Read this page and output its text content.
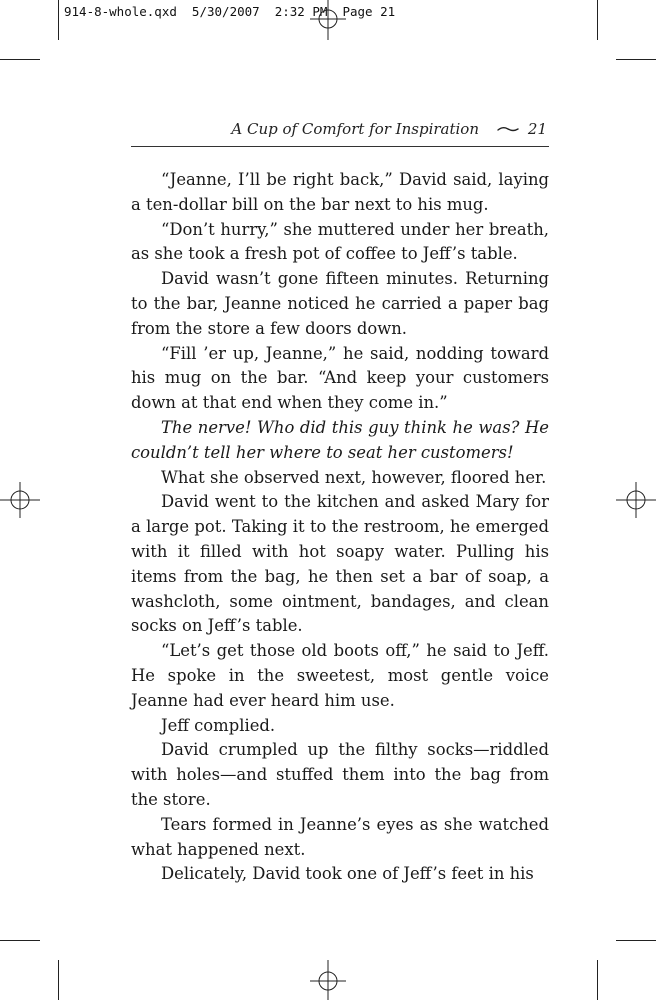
914-8-whole.qxd  5/30/2007  2:32 PM  Page 21
A Cup of Comfort for Inspiration	21

“Jeanne, I’ll be right back,” David said, laying a ten-dollar bill on the bar next to his mug.

“Don’t hurry,” she muttered under her breath, as she took a fresh pot of coffee to Jeff’s table.

David wasn’t gone fifteen minutes. Returning to the bar, Jeanne noticed he carried a paper bag from the store a few doors down.

“Fill ’er up, Jeanne,” he said, nodding toward his mug on the bar. “And keep your customers down at that end when they come in.”

The nerve! Who did this guy think he was? He couldn’t tell her where to seat her customers!

What she observed next, however, floored her.

David went to the kitchen and asked Mary for a large pot. Taking it to the restroom, he emerged with it filled with hot soapy water. Pulling his items from the bag, he then set a bar of soap, a washcloth, some ointment, bandages, and clean socks on Jeff’s table.

“Let’s get those old boots off,” he said to Jeff. He spoke in the sweetest, most gentle voice Jeanne had ever heard him use.

Jeff complied.

David crumpled up the filthy socks—riddled with holes—and stuffed them into the bag from the store.

Tears formed in Jeanne’s eyes as she watched what happened next.

Delicately, David took one of Jeff’s feet in his
